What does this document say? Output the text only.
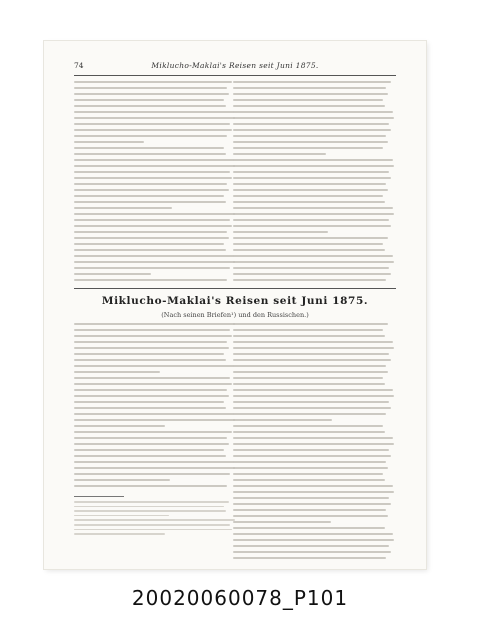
74	Miklucho-Maklai's Reisen seit Juni 1875.
Miklucho-Maklai's Reisen seit Juni 1875.
(Nach seinen Briefen¹) und den Russischen.)
20020060078_P101
